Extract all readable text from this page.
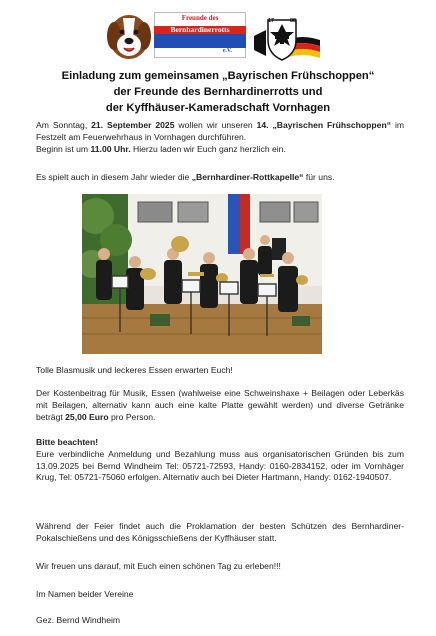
Freunde des
Bernhardinerrotts
e.V.
17	88
Einladung zum gemeinsamen „Bayrischen Frühschoppen“
der Freunde des Bernhardinerrotts und
der Kyffhäuser-Kameradschaft Vornhagen
Am Sonntag, 21. September 2025 wollen wir unseren 14. „Bayrischen Frühschoppen“ im Festzelt am Feuerwehrhaus in Vornhagen durchführen.
Beginn ist um 11.00 Uhr. Hierzu laden wir Euch ganz herzlich ein.
Es spielt auch in diesem Jahr wieder die „Bernhardiner-Rottkapelle“ für uns.
Tolle Blasmusik und leckeres Essen erwarten Euch!
Der Kostenbeitrag für Musik, Essen (wahlweise eine Schweinshaxe + Beilagen oder Leberkäs mit Beilagen, alternativ kann auch eine kalte Platte gewählt werden) und diverse Getränke beträgt 25,00 Euro pro Person.
Bitte beachten!
Eure verbindliche Anmeldung und Bezahlung muss aus organisatorischen Gründen bis zum 13.09.2025 bei Bernd Windheim Tel: 05721-72593, Handy: 0160-2834152, oder im Vornhäger Krug, Tel: 05721-75060 erfolgen. Alternativ auch bei Dieter Hartmann, Handy: 0162-1940507.
Während der Feier findet auch die Proklamation der besten Schützen des Bernhardiner- Pokalschießens und des Königsschießens der Kyffhäuser statt.
Wir freuen uns darauf, mit Euch einen schönen Tag zu erleben!!!
Im Namen beider Vereine
Gez. Bernd Windheim
